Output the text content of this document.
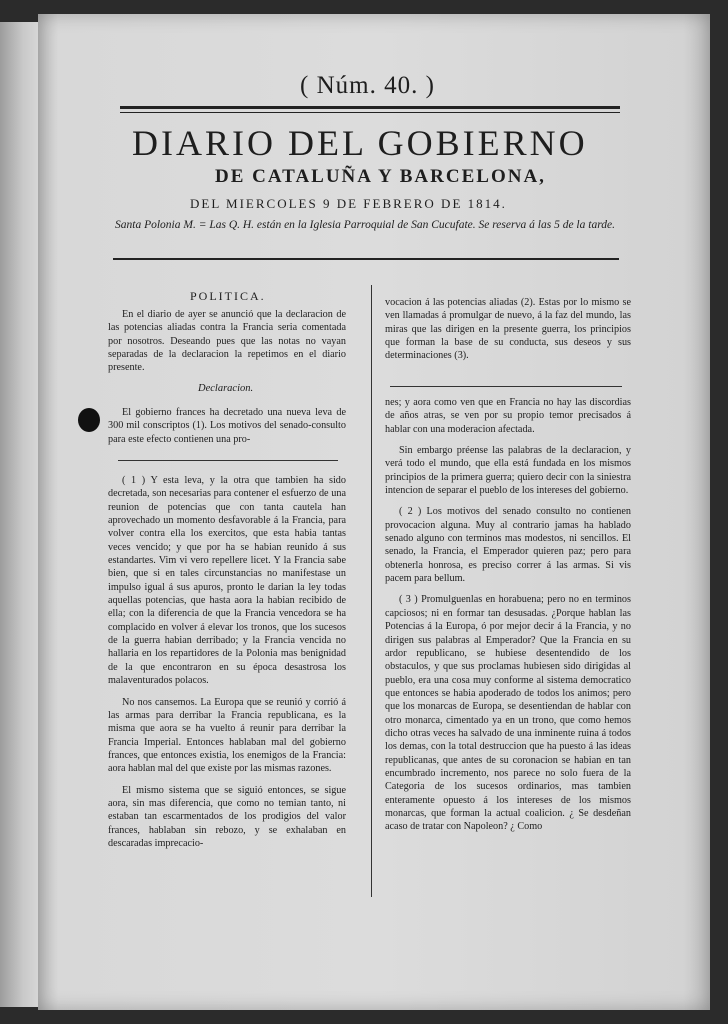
( Núm. 40. )
DIARIO DEL GOBIERNO
DE CATALUÑA Y BARCELONA,
DEL MIERCOLES 9 DE FEBRERO DE 1814.
Santa Polonia M. = Las Q. H. están en la Iglesia Parroquial de San Cucufate. Se reserva á las 5 de la tarde.
POLITICA.

En el diario de ayer se anunció que la declaracion de las potencias aliadas contra la Francia seria comentada por nosotros. Deseando pues que las notas no vayan separadas de la declaracion la repetimos en el diario presente.

Declaracion.

El gobierno frances ha decretado una nueva leva de 300 mil conscriptos (1). Los motivos del senado-consulto para este efecto contienen una pro-

( 1 ) Y esta leva, y la otra que tambien ha sido decretada, son necesarias para contener el esfuerzo de una reunion de potencias que con tanta cautela han aprovechado un momento desfavorable á la Francia, para volver contra ella los exercitos, que esta habia tantas veces vencido; y que por ha se habian reunido á sus estandartes. Vim vi vero repellere licet. Y la Francia sabe bien, que si en tales circunstancias no manifestase un impulso igual á sus apuros, pronto le darian la ley todas aquellas potencias, que hasta aora la habian recibido de ella; con la diferencia de que la Francia vencedora se ha complacido en volver á elevar los tronos, que los sucesos de la guerra habian derribado; y la Francia vencida no hallaria en los repartidores de la Polonia mas benignidad de la que encontraron en su época desastrosa los malaventurados polacos.

No nos cansemos. La Europa que se reunió y corrió á las armas para derribar la Francia republicana, es la misma que aora se ha vuelto á reunir para derribar la Francia Imperial. Entonces hablaban mal del gobierno frances, que entonces existia, los enemigos de la Francia: aora hablan mal del que existe por las mismas razones.

El mismo sistema que se siguió entonces, se sigue aora, sin mas diferencia, que como no temian tanto, ni estaban tan escarmentados de los prodigios del valor frances, hablaban sin rebozo, y se exhalaban en descaradas imprecacio-

vocacion á las potencias aliadas (2). Estas por lo mismo se ven llamadas á promulgar de nuevo, á la faz del mundo, las miras que las dirigen en la presente guerra, los principios que forman la base de su conducta, sus deseos y sus determinaciones (3).

nes; y aora como ven que en Francia no hay las discordias de años atras, se ven por su propio temor precisados á hablar con una moderacion afectada.

Sin embargo préense las palabras de la declaracion, y verá todo el mundo, que ella está fundada en los mismos principios de la primera guerra; quiero decir con la siniestra intencion de separar el pueblo de los intereses del gobierno.

( 2 ) Los motivos del senado consulto no contienen provocacion alguna. Muy al contrario jamas ha hablado senado alguno con terminos mas modestos, ni sencillos. El senado, la Francia, el Emperador quieren paz; pero para obtenerla honrosa, es preciso correr á las armas. Si vis pacem para bellum.

( 3 ) Promulguenlas en horabuena; pero no en terminos capciosos; ni en formar tan desusadas. ¿Porque hablan las Potencias á la Europa, ó por mejor decir á la Francia, y no dirigen sus palabras al Emperador? Que la Francia en su ardor republicano, se hubiese desentendido de los obstaculos, y que sus proclamas hubiesen sido dirigidas al pueblo, era una cosa muy conforme al sistema democratico que entonces se habia apoderado de todos los animos; pero que los monarcas de Europa, se desentiendan de hablar con otro monarca, cimentado ya en un trono, que como hemos dicho otras veces ha salvado de una inminente ruina á todos los demas, con la total destruccion que ha puesto á las ideas republicanas, que antes de su coronacion se habian en tan encumbrado incremento, nos parece no solo fuera de la Categoria de los sucesos ordinarios, mas tambien enteramente opuesto á los intereses de los mismos monarcas, que forman la actual coalicion. ¿ Se desdeñan acaso de tratar con Napoleon? ¿ Como
